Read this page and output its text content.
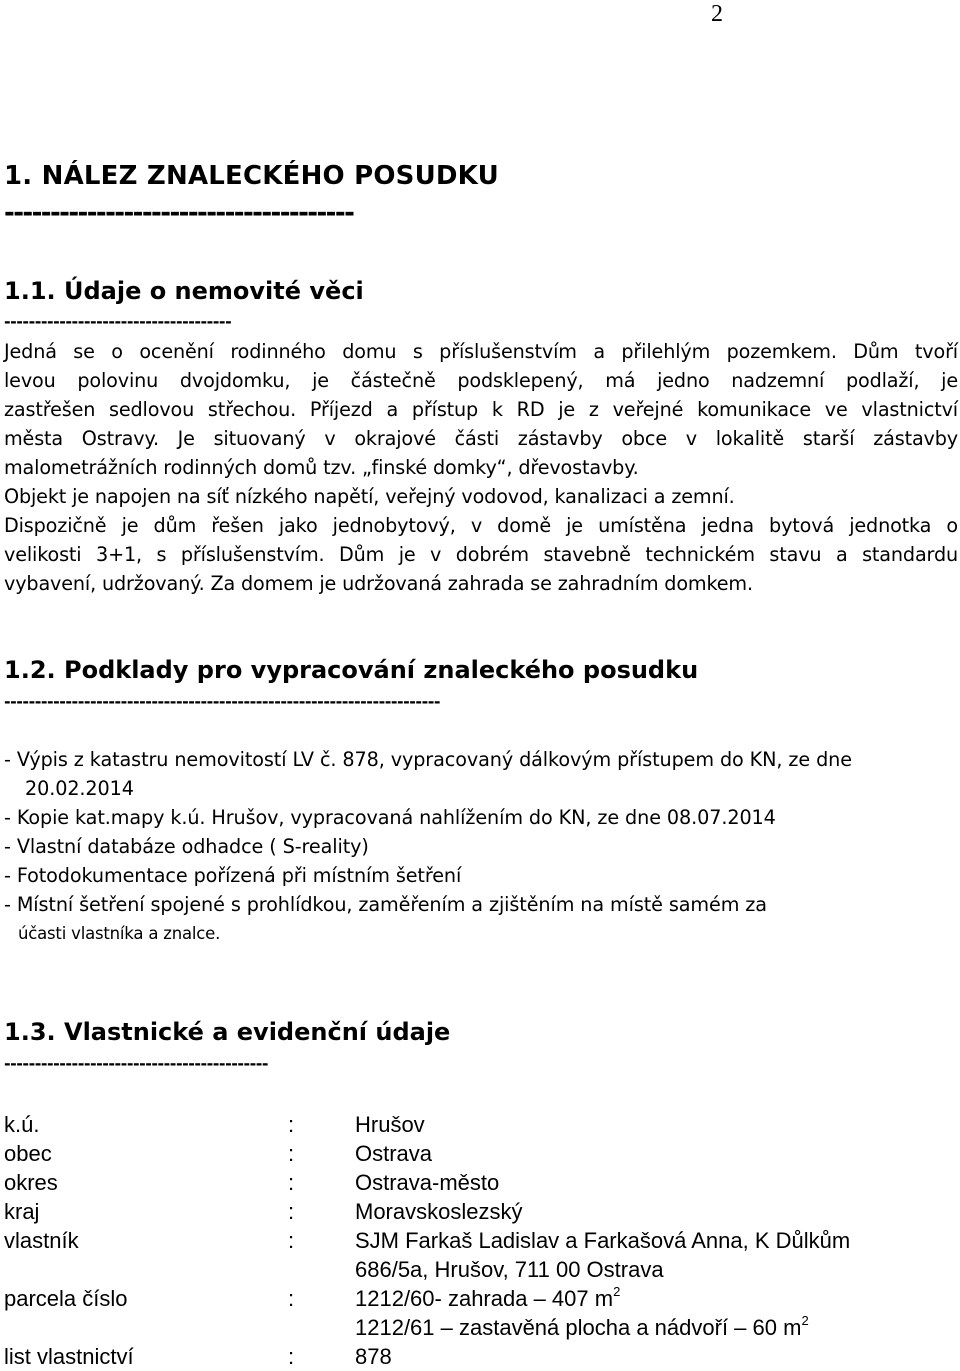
2
1. NÁLEZ ZNALECKÉHO POSUDKU
--------------------------------------
1.1. Údaje o nemovité věci
-------------------------------------
Jedná se o ocenění rodinného domu s příslušenstvím a přilehlým pozemkem. Dům tvoří
levou polovinu dvojdomku, je částečně podsklepený, má jedno nadzemní podlaží, je
zastřešen sedlovou střechou. Příjezd a přístup k RD je z veřejné komunikace ve vlastnictví
města Ostravy. Je situovaný v okrajové části zástavby obce v lokalitě starší zástavby
malometrážních rodinných domů tzv. „finské domky“, dřevostavby.
Objekt je napojen na síť nízkého napětí, veřejný vodovod, kanalizaci a zemní.
Dispozičně je dům řešen jako jednobytový, v domě je umístěna jedna bytová jednotka o
velikosti 3+1, s příslušenstvím. Dům je v dobrém stavebně technickém stavu a standardu
vybavení, udržovaný. Za domem je udržovaná zahrada se zahradním domkem.
1.2. Podklady pro vypracování znaleckého posudku
-----------------------------------------------------------------------
- Výpis z katastru nemovitostí LV č. 878, vypracovaný dálkovým přístupem do KN, ze dne
20.02.2014
- Kopie kat.mapy k.ú. Hrušov, vypracovaná nahlížením do KN, ze dne 08.07.2014
- Vlastní databáze odhadce ( S-reality)
- Fotodokumentace pořízená při místním šetření
- Místní šetření spojené s prohlídkou, zaměřením a zjištěním na místě samém za
účasti vlastníka a znalce.
1.3. Vlastnické a evidenční údaje
-------------------------------------------
k.ú.	:	Hrušov
obec	:	Ostrava
okres	:	Ostrava-město
kraj	:	Moravskoslezský
vlastník	:	SJM Farkaš Ladislav a Farkašová Anna, K Důlkům
686/5a, Hrušov, 711 00 Ostrava
parcela číslo	:	1212/60- zahrada – 407 $m^2$
1212/61 – zastavěná plocha a nádvoří – 60 $m^2$
list vlastnictví	:	878
